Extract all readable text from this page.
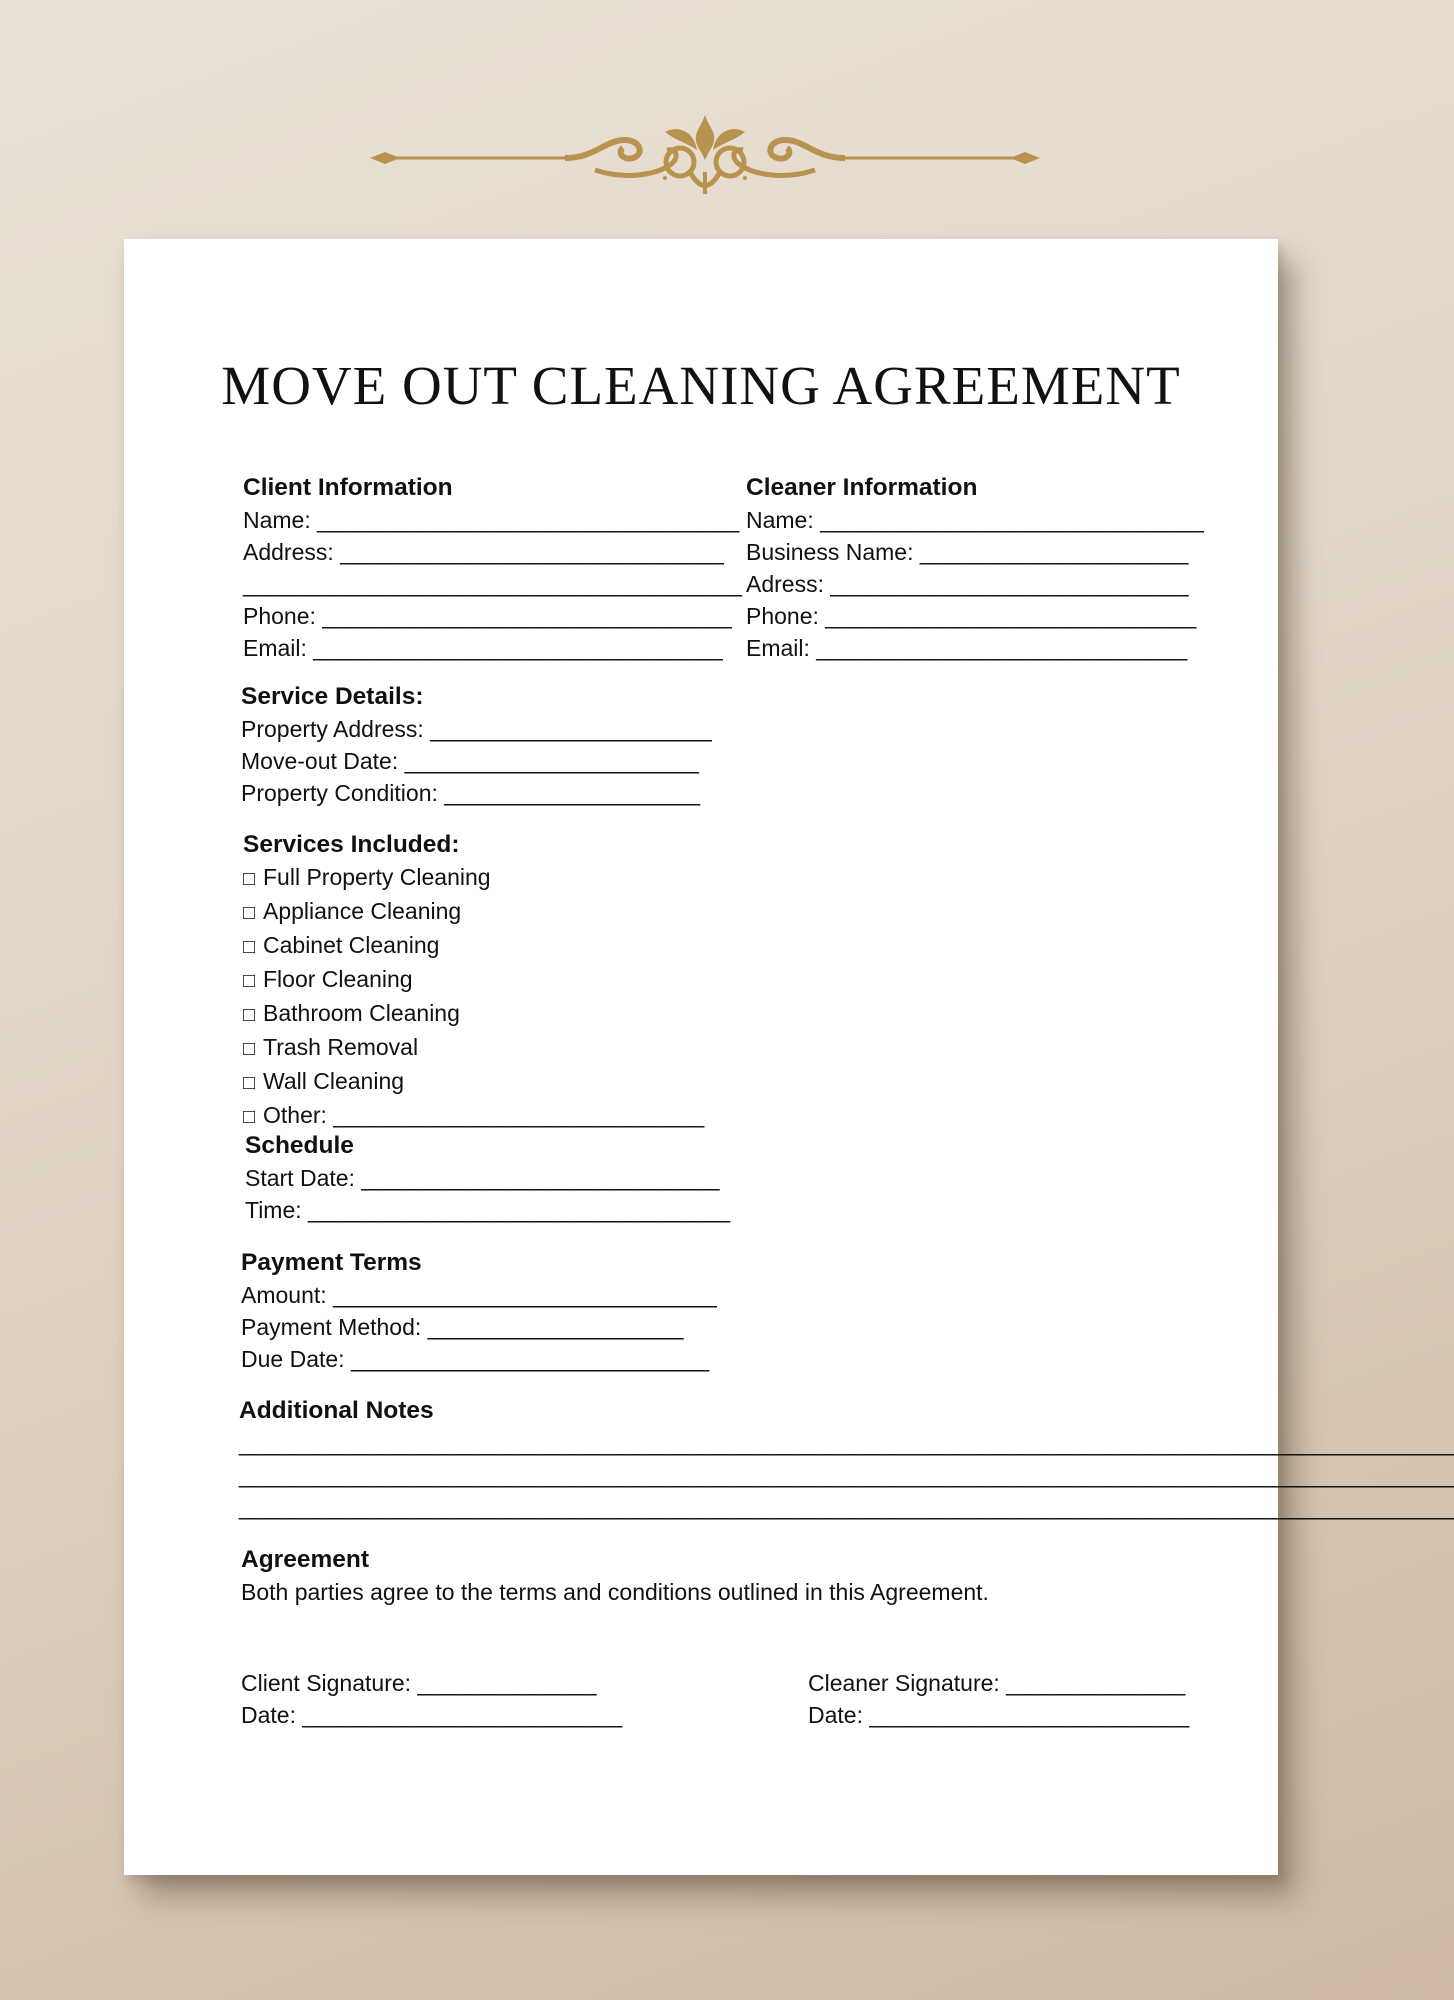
MOVE OUT CLEANING AGREEMENT
Client Information
Name: _________________________________
Address: ______________________________
_______________________________________
Phone: ________________________________
Email: ________________________________
Cleaner Information
Name: ______________________________
Business Name: _____________________
Adress: ____________________________
Phone: _____________________________
Email: _____________________________
Service Details:
Property Address: ______________________
Move-out Date: _______________________
Property Condition: ____________________
Services Included:
□ Full Property Cleaning
□ Appliance Cleaning
□ Cabinet Cleaning
□ Floor Cleaning
□ Bathroom Cleaning
□ Trash Removal
□ Wall Cleaning
□ Other: _____________________________
Schedule
Start Date: ____________________________
Time: _________________________________
Payment Terms
Amount: ______________________________
Payment Method: ____________________
Due Date: ____________________________
Additional Notes
_______________________________________________________________________________________________
_______________________________________________________________________________________________
_______________________________________________________________________________________________
Agreement
Both parties agree to the terms and conditions outlined in this Agreement.
Client Signature: ______________
Date: _________________________
Cleaner Signature: ______________
Date: _________________________
